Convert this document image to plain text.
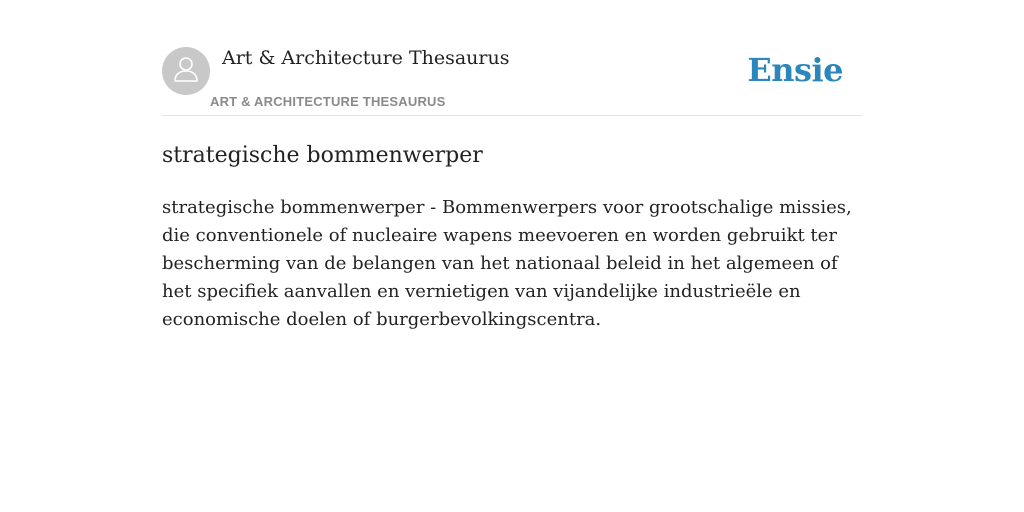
Art & Architecture Thesaurus
ART & ARCHITECTURE THESAURUS
Ensie
strategische bommenwerper

strategische bommenwerper - Bommenwerpers voor grootschalige missies, die conventionele of nucleaire wapens meevoeren en worden gebruikt ter bescherming van de belangen van het nationaal beleid in het algemeen of het specifiek aanvallen en vernietigen van vijandelijke industrieële en economische doelen of burgerbevolkingscentra.
